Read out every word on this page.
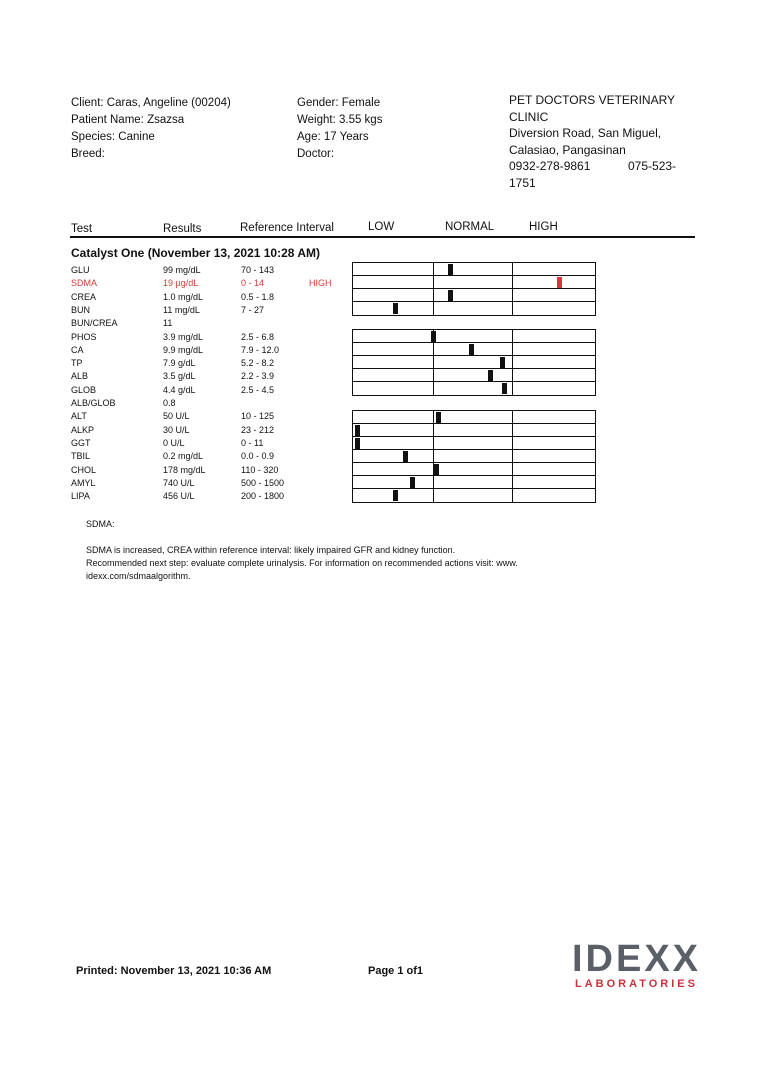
Client: Caras, Angeline (00204)
Patient Name: Zsazsa
Species: Canine
Breed:
Gender: Female
Weight: 3.55 kgs
Age: 17 Years
Doctor:
PET DOCTORS VETERINARY
CLINIC
Diversion Road, San Miguel,
Calasiao, Pangasinan
0932-278-9861	075-523-
1751
Test	Results	Reference Interval	LOW	NORMAL	HIGH
Catalyst One (November 13, 2021 10:28 AM)
GLU	99 mg/dL	70 - 143
SDMA	19 µg/dL	0 - 14	HIGH
CREA	1.0 mg/dL	0.5 - 1.8
BUN	11 mg/dL	7 - 27
BUN/CREA	11
PHOS	3.9 mg/dL	2.5 - 6.8
CA	9.9 mg/dL	7.9 - 12.0
TP	7.9 g/dL	5.2 - 8.2
ALB	3.5 g/dL	2.2 - 3.9
GLOB	4.4 g/dL	2.5 - 4.5
ALB/GLOB	0.8
ALT	50 U/L	10 - 125
ALKP	30 U/L	23 - 212
GGT	0 U/L	0 - 11
TBIL	0.2 mg/dL	0.0 - 0.9
CHOL	178 mg/dL	110 - 320
AMYL	740 U/L	500 - 1500
LIPA	456 U/L	200 - 1800
SDMA:
SDMA is increased, CREA within reference interval: likely impaired GFR and kidney function.
Recommended next step: evaluate complete urinalysis. For information on recommended actions visit: www.
idexx.com/sdmaalgorithm.
Printed: November 13, 2021 10:36 AM	Page 1 of1	IDEXX
LABORATORIES
